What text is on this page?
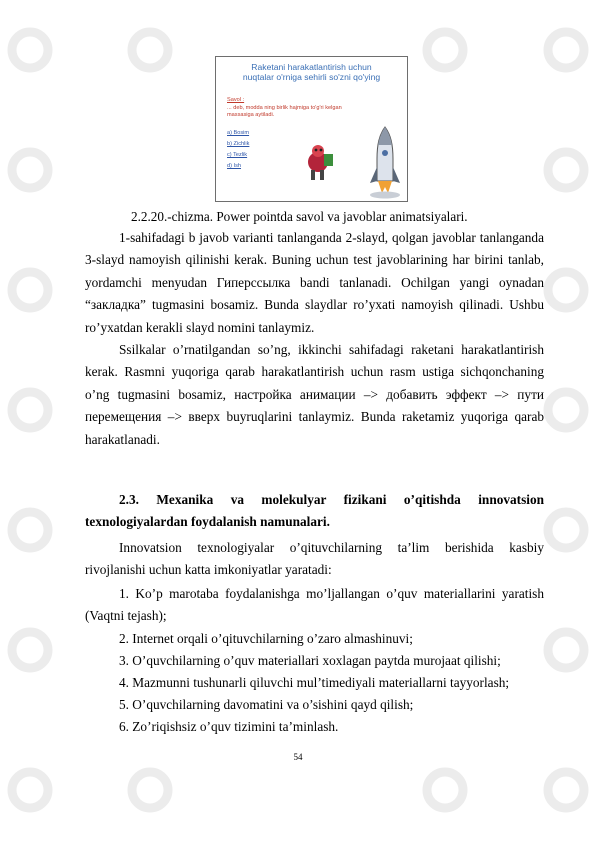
Raketani harakatlantirish uchun
nuqtalar o'rniga sehirli so'zni qo'ying
Savol :
... deb, modda ning birlik hajmiga to'g'ri kelgan
massasiga aytiladi.
a) Bosim
b) Zichlik
c) Tezlik
d) Ish
2.2.20.-chizma. Power pointda savol va javoblar animatsiyalari.

1-sahifadagi b javob varianti tanlanganda 2-slayd, qolgan javoblar tanlanganda 3-slayd namoyish qilinishi kerak. Buning uchun test javoblarining har birini tanlab, yordamchi menyudan Гиперссылка bandi tanlanadi. Ochilgan yangi oynadan “закладка” tugmasini bosamiz. Bunda slaydlar ro’yxati namoyish qilinadi. Ushbu ro’yxatdan kerakli slayd nomini tanlaymiz.

Ssilkalar o’rnatilgandan so’ng, ikkinchi sahifadagi raketani harakatlantirish kerak. Rasmni yuqoriga qarab harakatlantirish uchun rasm ustiga sichqonchaning o’ng tugmasini bosamiz, настройка анимации –> добавить эффект –> пути перемещения –> вверх buyruqlarini tanlaymiz. Bunda raketamiz yuqoriga qarab harakatlanadi.

2.3. Mexanika va molekulyar fizikani o’qitishda innovatsion texnologiyalardan foydalanish namunalari.

Innovatsion texnologiyalar o’qituvchilarning ta’lim berishida kasbiy rivojlanishi uchun katta imkoniyatlar yaratadi:

1. Ko’p marotaba foydalanishga mo’ljallangan o’quv materiallarini yaratish (Vaqtni tejash);

2. Internet orqali o’qituvchilarning o’zaro almashinuvi;

3. O’quvchilarning o’quv materiallari xoxlagan paytda murojaat qilishi;

4. Mazmunni tushunarli qiluvchi mul’timediyali materiallarni tayyorlash;

5. O’quvchilarning davomatini va o’sishini qayd qilish;

6. Zo’riqishsiz o’quv tizimini ta’minlash.

54
